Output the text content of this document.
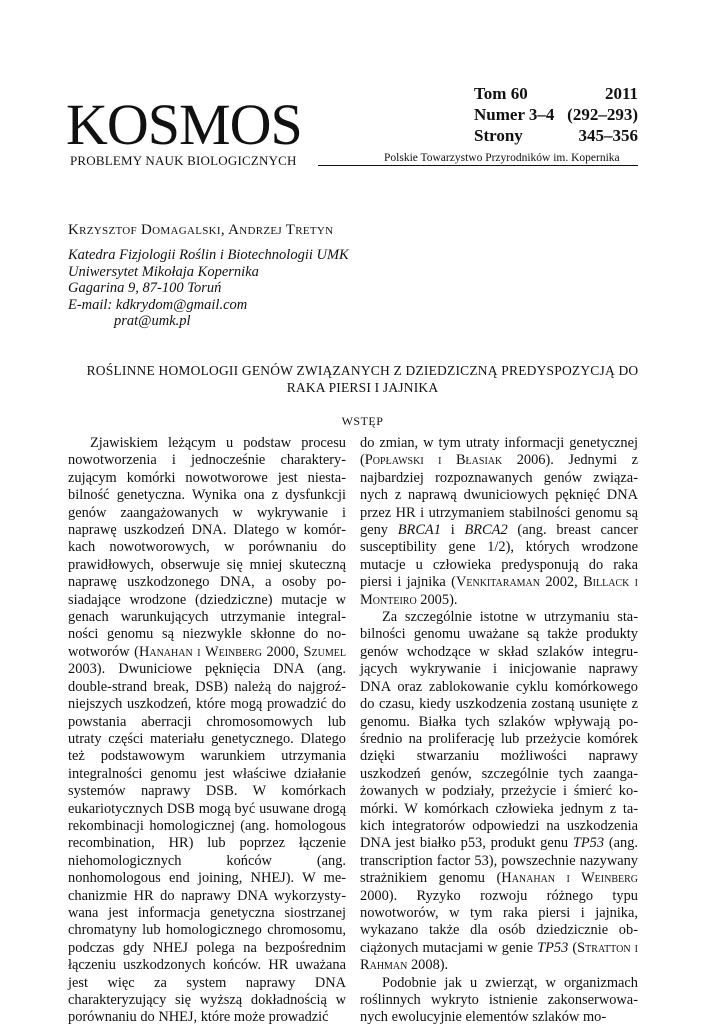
KOSMOS
PROBLEMY NAUK BIOLOGICZNYCH	Polskie Towarzystwo Przyrodników im. Kopernika
Tom 60	2011
Numer 3–4 (292–293)
Strony	345–356
Krzysztof Domagalski, Andrzej Tretyn
Katedra Fizjologii Roślin i Biotechnologii UMK
Uniwersytet Mikołaja Kopernika
Gagarina 9, 87-100 Toruń
E-mail: kdkrydom@gmail.com
prat@umk.pl
ROŚLINNE HOMOLOGII GENÓW ZWIĄZANYCH Z DZIEDZICZNĄ PREDYSPOZYCJĄ DO
RAKA PIERSI I JAJNIKA
WSTĘP

Zjawiskiem leżącym u podstaw procesu nowotworzenia i jednocześnie charakteryzującym komórki nowotworowe jest niestabilność genetyczna. Wynika ona z dysfunkcji genów zaangażowanych w wykrywanie i naprawę uszkodzeń DNA. Dlatego w komórkach nowotworowych, w porównaniu do prawidłowych, obserwuje się mniej skuteczną naprawę uszkodzonego DNA, a osoby posiadające wrodzone (dziedziczne) mutacje w genach warunkujących utrzymanie integralności genomu są niezwykle skłonne do nowotworów (Hanahan i Weinberg 2000, Szumel 2003). Dwuniciowe pęknięcia DNA (ang. double-strand break, DSB) należą do najgroźniejszych uszkodzeń, które mogą prowadzić do powstania aberracji chromosomowych lub utraty części materiału genetycznego. Dlatego też podstawowym warunkiem utrzymania integralności genomu jest właściwe działanie systemów naprawy DSB. W komórkach eukariotycznych DSB mogą być usuwane drogą rekombinacji homologicznej (ang. homologous recombination, HR) lub poprzez łączenie niehomologicznych końców (ang. nonhomologous end joining, NHEJ). W mechanizmie HR do naprawy DNA wykorzystywana jest informacja genetyczna siostrzanej chromatyny lub homologicznego chromosomu, podczas gdy NHEJ polega na bezpośrednim łączeniu uszkodzonych końców. HR uważana jest więc za system naprawy DNA charakteryzujący się wyższą dokładnością w porównaniu do NHEJ, które może prowadzić

do zmian, w tym utraty informacji genetycznej (Popławski i Błasiak 2006). Jednymi z najbardziej rozpoznawanych genów związanych z naprawą dwuniciowych pęknięć DNA przez HR i utrzymaniem stabilności genomu są geny BRCA1 i BRCA2 (ang. breast cancer susceptibility gene 1/2), których wrodzone mutacje u człowieka predysponują do raka piersi i jajnika (Venkitaraman 2002, Billack i Monteiro 2005).

Za szczególnie istotne w utrzymaniu stabilności genomu uważane są także produkty genów wchodzące w skład szlaków integrujących wykrywanie i inicjowanie naprawy DNA oraz zablokowanie cyklu komórkowego do czasu, kiedy uszkodzenia zostaną usunięte z genomu. Białka tych szlaków wpływają pośrednio na proliferację lub przeżycie komórek dzięki stwarzaniu możliwości naprawy uszkodzeń genów, szczególnie tych zaangażowanych w podziały, przeżycie i śmierć komórki. W komórkach człowieka jednym z takich integratorów odpowiedzi na uszkodzenia DNA jest białko p53, produkt genu TP53 (ang. transcription factor 53), powszechnie nazywany strażnikiem genomu (Hanahan i Weinberg 2000). Ryzyko rozwoju różnego typu nowotworów, w tym raka piersi i jajnika, wykazano także dla osób dziedzicznie obciążonych mutacjami w genie TP53 (Stratton i Rahman 2008).

Podobnie jak u zwierząt, w organizmach roślinnych wykryto istnienie zakonserwowanych ewolucyjnie elementów szlaków mo-
